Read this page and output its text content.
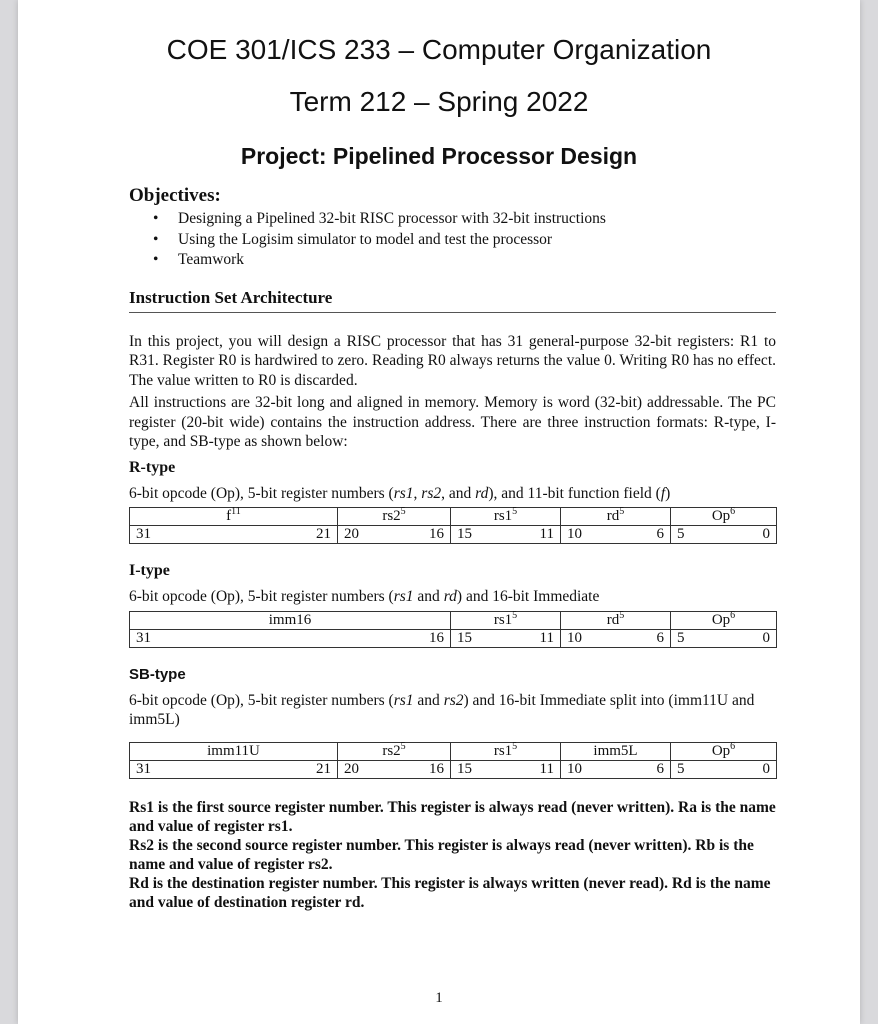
COE 301/ICS 233 – Computer Organization
Term 212 – Spring 2022
Project: Pipelined Processor Design

Objectives:

• Designing a Pipelined 32-bit RISC processor with 32-bit instructions
• Using the Logisim simulator to model and test the processor
• Teamwork
Instruction Set Architecture

In this project, you will design a RISC processor that has 31 general-purpose 32-bit registers: R1 to R31. Register R0 is hardwired to zero. Reading R0 always returns the value 0. Writing R0 has no effect. The value written to R0 is discarded.

All instructions are 32-bit long and aligned in memory. Memory is word (32-bit) addressable. The PC register (20-bit wide) contains the instruction address. There are three instruction formats: R-type, I-type, and SB-type as shown below:

R-type
6-bit opcode (Op), 5-bit register numbers (rs1, rs2, and rd), and 11-bit function field (f)
$f^{11}$	$rs2^5$	$rs1^5$	$rd^5$	Op$^6$

31 21	20 16	15 11	10 6	5 0
I-type
6-bit opcode (Op), 5-bit register numbers (rs1 and rd) and 16-bit Immediate
imm16	$rs1^5$	$rd^5$	Op$^6$

31 16	15 11	10 6	5 0
SB-type
6-bit opcode (Op), 5-bit register numbers (rs1 and rs2) and 16-bit Immediate split into (imm11U and imm5L)
imm11U	$rs2^5$	$rs1^5$	imm5L	Op$^6$

31 21	20 16	15 11	10 6	5 0

Rs1 is the first source register number. This register is always read (never written). Ra is the name and value of register rs1.

Rs2 is the second source register number. This register is always read (never written). Rb is the name and value of register rs2.

Rd is the destination register number. This register is always written (never read). Rd is the name and value of destination register rd.

1
